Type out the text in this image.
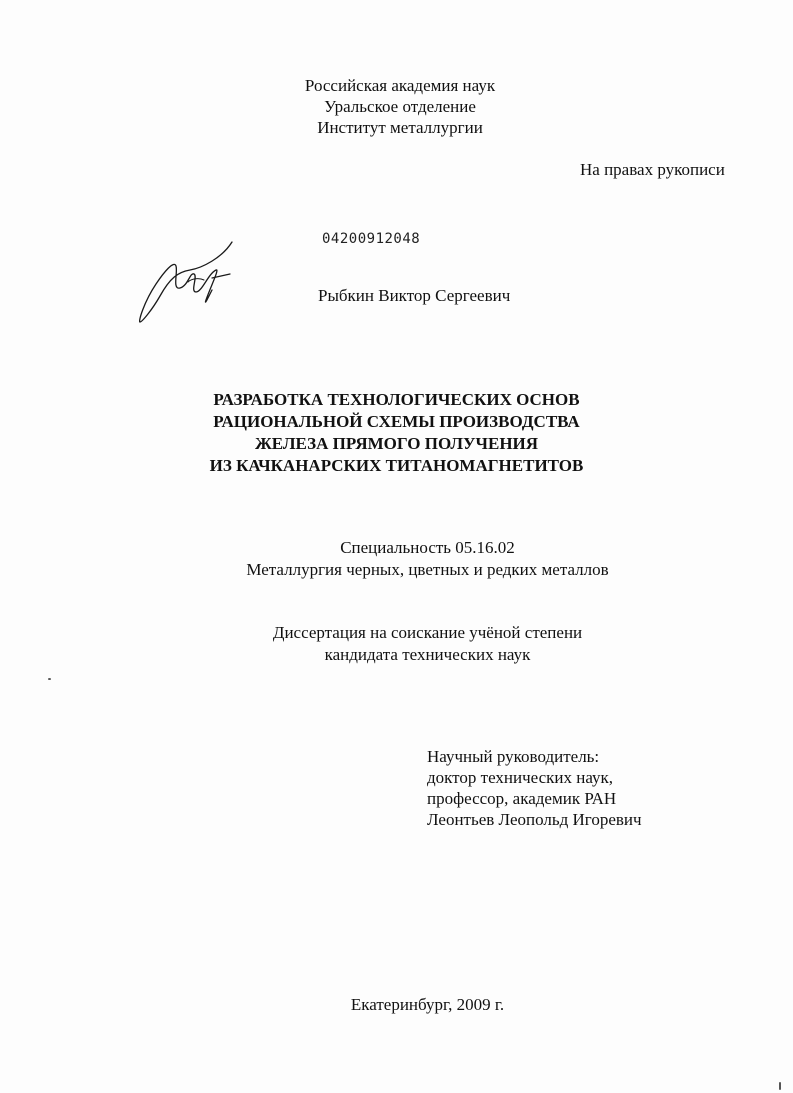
Российская академия наук
Уральское отделение
Институт металлургии
На правах рукописи
04200912048
Рыбкин Виктор Сергеевич
РАЗРАБОТКА ТЕХНОЛОГИЧЕСКИХ ОСНОВ
РАЦИОНАЛЬНОЙ СХЕМЫ ПРОИЗВОДСТВА
ЖЕЛЕЗА ПРЯМОГО ПОЛУЧЕНИЯ
ИЗ КАЧКАНАРСКИХ ТИТАНОМАГНЕТИТОВ
Специальность 05.16.02
Металлургия черных, цветных и редких металлов
Диссертация на соискание учёной степени
кандидата технических наук
Научный руководитель:
доктор технических наук,
профессор, академик РАН
Леонтьев Леопольд Игоревич
Екатеринбург, 2009 г.
